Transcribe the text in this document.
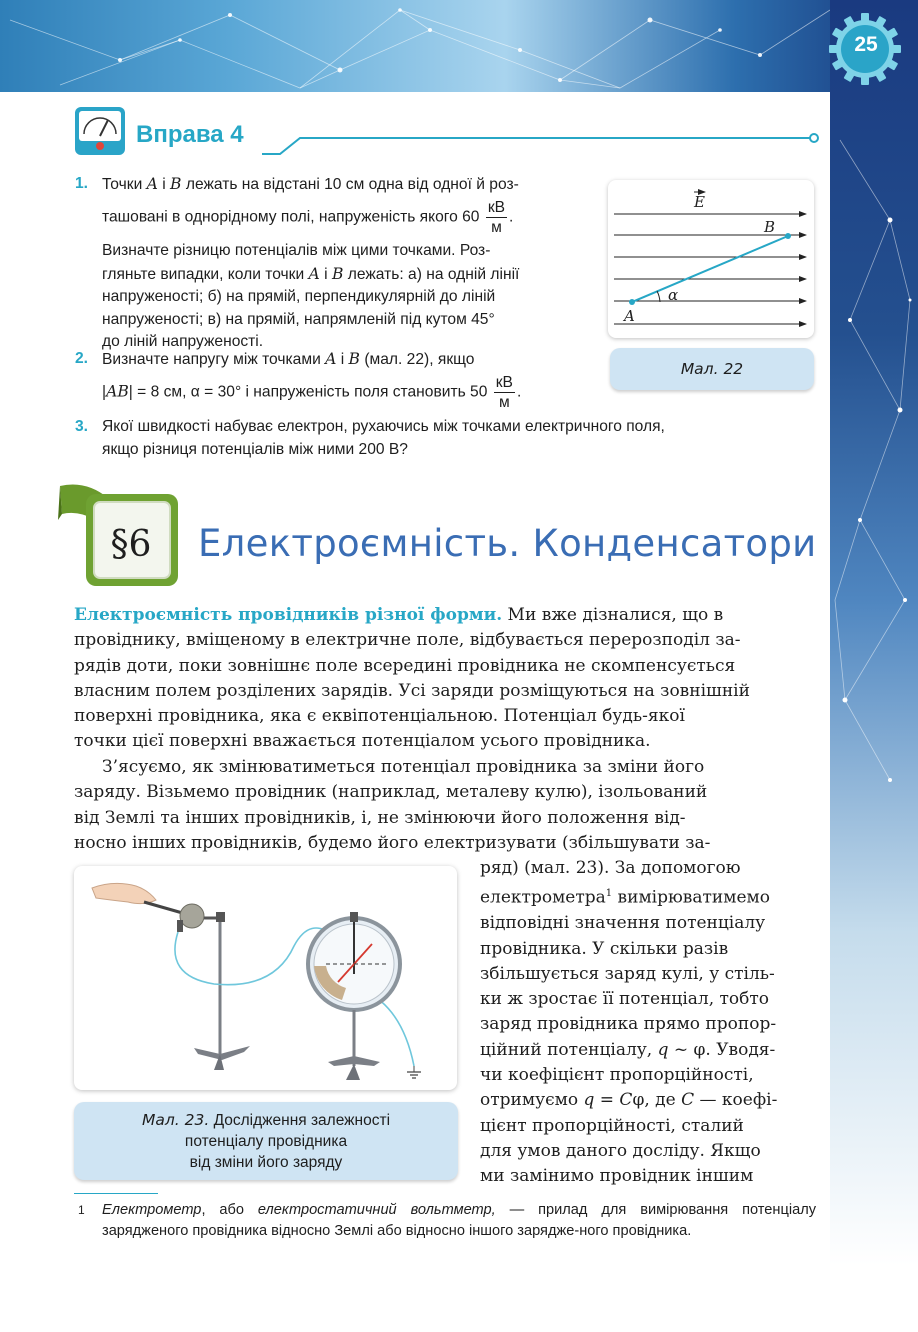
25
Вправа 4
1. Точки A і B лежать на відстані 10 см одна від одної й роз-
ташовані в однорідному полі, напруженість якого $60 \frac{кВ}{м}$ .
Визначте різницю потенціалів між цими точками. Роз-
гляньте випадки, коли точки A і B лежать: а) на одній лінії
напруженості; б) на прямій, перпендикулярній до ліній
напруженості; в) на прямій, напрямленій під кутом 45°
до ліній напруженості.
2. Визначте напругу між точками A і B (мал. 22), якщо
|AB| = 8 см, α = 30° і напруженість поля становить $50 \frac{кВ}{м}$ .
3. Якої швидкості набуває електрон, рухаючись між точками електричного поля,
якщо різниця потенціалів між ними 200 В?
α
A
B
E
Мал. 22
§6	Електроємність. Конденсатори
Електроємність провідників різної форми. Ми вже дізналися, що в
провіднику, вміщеному в електричне поле, відбувається перерозподіл за-
рядів доти, поки зовнішнє поле всередині провідника не скомпенсується
власним полем розділених зарядів. Усі заряди розміщуються на зовнішній
поверхні провідника, яка є еквіпотенціальною. Потенціал будь-якої
точки цієї поверхні вважається потенціалом усього провідника.
З’ясуємо, як змінюватиметься потенціал провідника за зміни його
заряду. Візьмемо провідник (наприклад, металеву кулю), ізольований
від Землі та інших провідників, і, не змінюючи його положення від-
носно інших провідників, будемо його електризувати (збільшувати за-
ряд) (мал. 23). За допомогою
електрометра$^1$ вимірюватимемо
відповідні значення потенціалу
провідника. У скільки разів
збільшується заряд кулі, у стіль-
ки ж зростає її потенціал, тобто
заряд провідника прямо пропор-
ційний потенціалу, q ~ φ. Уводя-
чи коефіцієнт пропорційності,
отримуємо q = Cφ, де C — коефі-
цієнт пропорційності, сталий
для умов даного досліду. Якщо
ми замінимо провідник іншим
Мал. 23. Дослідження залежності
потенціалу провідника
від зміни його заряду
1 Електрометр, або електростатичний вольтметр, — прилад для вимірювання потенціалу зарядженого провідника відносно Землі або відносно іншого зарядже-ного провідника.
